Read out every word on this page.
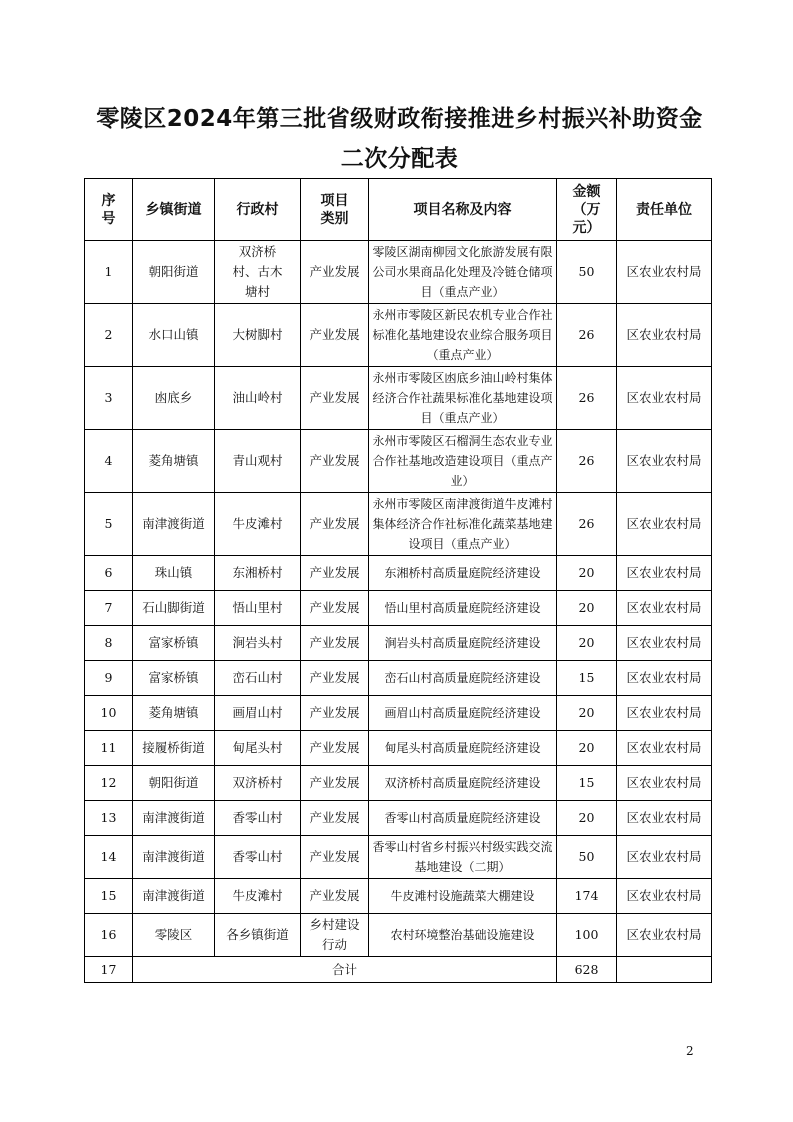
零陵区2024年第三批省级财政衔接推进乡村振兴补助资金
二次分配表
序号	乡镇街道	行政村	项目类别	项目名称及内容	金额（万元）	责任单位
1	朝阳街道	双济桥村、古木塘村	产业发展	零陵区湖南柳园文化旅游发展有限公司水果商品化处理及冷链仓储项目（重点产业）	50	区农业农村局
2	水口山镇	大树脚村	产业发展	永州市零陵区新民农机专业合作社标准化基地建设农业综合服务项目（重点产业）	26	区农业农村局
3	凼底乡	油山岭村	产业发展	永州市零陵区凼底乡油山岭村集体经济合作社蔬果标准化基地建设项目（重点产业）	26	区农业农村局
4	菱角塘镇	青山观村	产业发展	永州市零陵区石榴洞生态农业专业合作社基地改造建设项目（重点产业）	26	区农业农村局
5	南津渡街道	牛皮滩村	产业发展	永州市零陵区南津渡街道牛皮滩村集体经济合作社标准化蔬菜基地建设项目（重点产业）	26	区农业农村局
6	珠山镇	东湘桥村	产业发展	东湘桥村高质量庭院经济建设	20	区农业农村局
7	石山脚街道	悟山里村	产业发展	悟山里村高质量庭院经济建设	20	区农业农村局
8	富家桥镇	涧岩头村	产业发展	涧岩头村高质量庭院经济建设	20	区农业农村局
9	富家桥镇	峦石山村	产业发展	峦石山村高质量庭院经济建设	15	区农业农村局
10	菱角塘镇	画眉山村	产业发展	画眉山村高质量庭院经济建设	20	区农业农村局
11	接履桥街道	甸尾头村	产业发展	甸尾头村高质量庭院经济建设	20	区农业农村局
12	朝阳街道	双济桥村	产业发展	双济桥村高质量庭院经济建设	15	区农业农村局
13	南津渡街道	香零山村	产业发展	香零山村高质量庭院经济建设	20	区农业农村局
14	南津渡街道	香零山村	产业发展	香零山村省乡村振兴村级实践交流基地建设（二期）	50	区农业农村局
15	南津渡街道	牛皮滩村	产业发展	牛皮滩村设施蔬菜大棚建设	174	区农业农村局
16	零陵区	各乡镇街道	乡村建设行动	农村环境整治基础设施建设	100	区农业农村局
17	合计				628	
2
